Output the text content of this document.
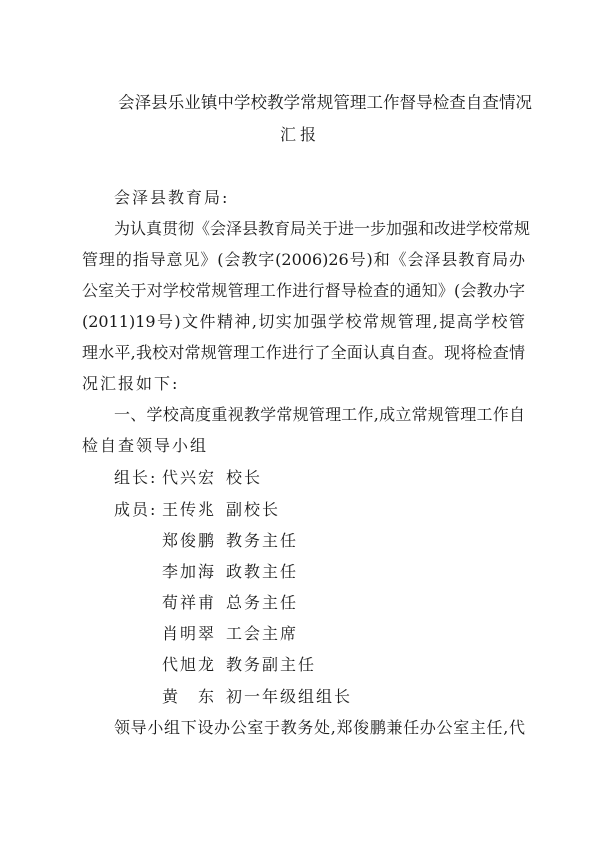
会泽县乐业镇中学校教学常规管理工作督导检查自查情况
汇报
会泽县教育局:
为认真贯彻《会泽县教育局关于进一步加强和改进学校常规
管理的指导意见》(会教字(2006)26号)和《会泽县教育局办
公室关于对学校常规管理工作进行督导检查的通知》(会教办字
(2011)19号)文件精神,切实加强学校常规管理,提高学校管
理水平,我校对常规管理工作进行了全面认真自查。现将检查情
况汇报如下:
一、学校高度重视教学常规管理工作,成立常规管理工作自
检自查领导小组
组长: 代兴宏 校长
成员: 王传兆 副校长
郑俊鹏 教务主任
李加海 政教主任
荀祥甫 总务主任
肖明翠 工会主席
代旭龙 教务副主任
黄　东 初一年级组组长
领导小组下设办公室于教务处,郑俊鹏兼任办公室主任,代
